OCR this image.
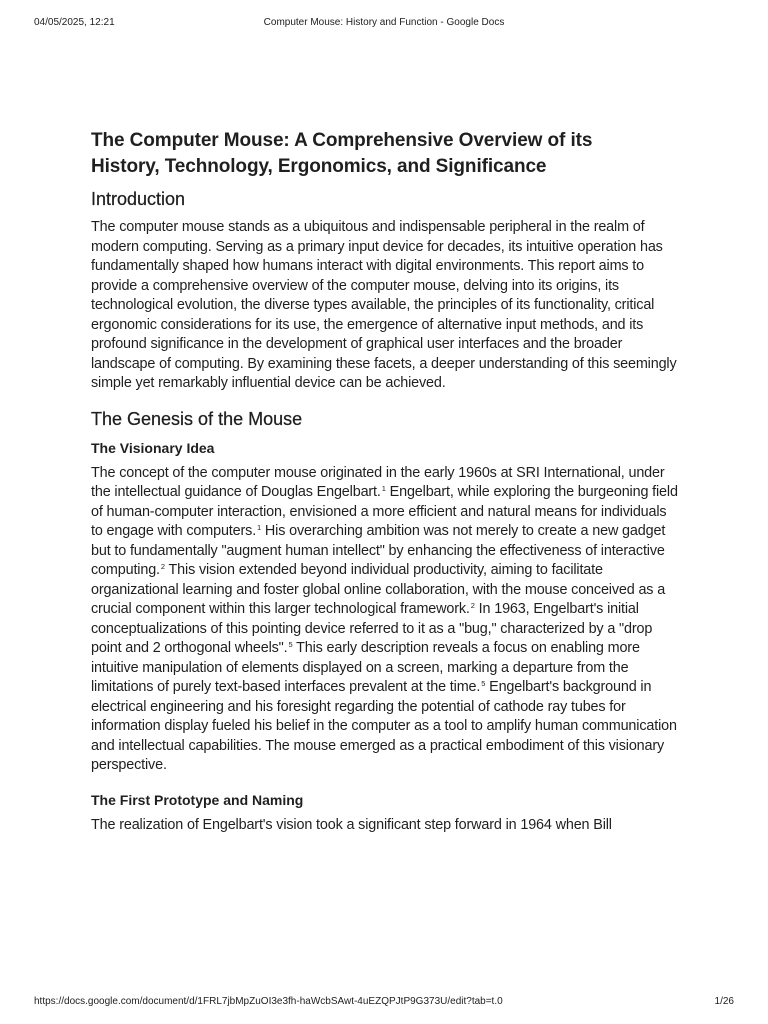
04/05/2025, 12:21	Computer Mouse: History and Function - Google Docs
The Computer Mouse: A Comprehensive Overview of its
History, Technology, Ergonomics, and Significance
Introduction

The computer mouse stands as a ubiquitous and indispensable peripheral in the realm of modern computing. Serving as a primary input device for decades, its intuitive operation has fundamentally shaped how humans interact with digital environments. This report aims to provide a comprehensive overview of the computer mouse, delving into its origins, its technological evolution, the diverse types available, the principles of its functionality, critical ergonomic considerations for its use, the emergence of alternative input methods, and its profound significance in the development of graphical user interfaces and the broader landscape of computing. By examining these facets, a deeper understanding of this seemingly simple yet remarkably influential device can be achieved.

The Genesis of the Mouse
The Visionary Idea

The concept of the computer mouse originated in the early 1960s at SRI International, under the intellectual guidance of Douglas Engelbart.$^1$ Engelbart, while exploring the burgeoning field of human-computer interaction, envisioned a more efficient and natural means for individuals to engage with computers.$^1$ His overarching ambition was not merely to create a new gadget but to fundamentally "augment human intellect" by enhancing the effectiveness of interactive computing.$^2$ This vision extended beyond individual productivity, aiming to facilitate organizational learning and foster global online collaboration, with the mouse conceived as a crucial component within this larger technological framework.$^2$ In 1963, Engelbart's initial conceptualizations of this pointing device referred to it as a "bug," characterized by a "drop point and 2 orthogonal wheels".$^5$ This early description reveals a focus on enabling more intuitive manipulation of elements displayed on a screen, marking a departure from the limitations of purely text-based interfaces prevalent at the time.$^5$ Engelbart's background in electrical engineering and his foresight regarding the potential of cathode ray tubes for information display fueled his belief in the computer as a tool to amplify human communication and intellectual capabilities. The mouse emerged as a practical embodiment of this visionary perspective.

The First Prototype and Naming

The realization of Engelbart's vision took a significant step forward in 1964 when Bill

https://docs.google.com/document/d/1FRL7jbMpZuOI3e3fh-haWcbSAwt-4uEZQPJtP9G373U/edit?tab=t.0	1/26
